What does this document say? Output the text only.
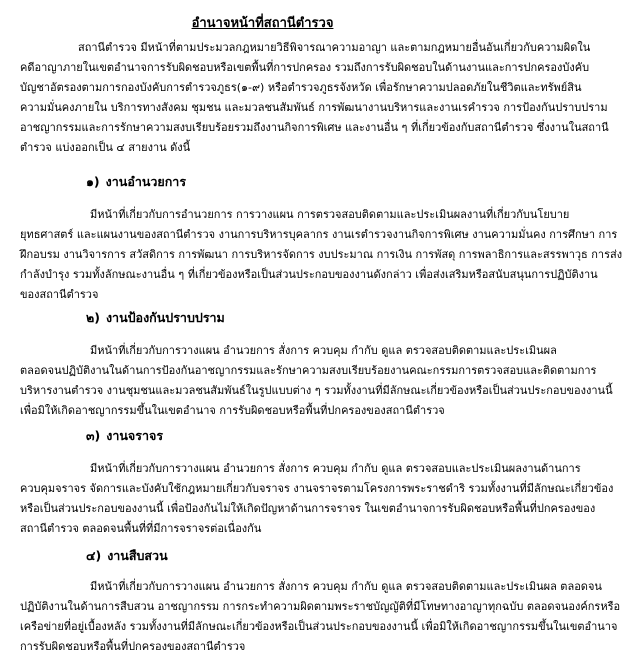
อำนาจหน้าที่สถานีตำรวจ
สถานีตำรวจ มีหน้าที่ตามประมวลกฎหมายวิธีพิจารณาความอาญา และตามกฎหมายอื่นอันเกี่ยวกับความผิดใน
คดีอาญาภายในเขตอำนาจการรับผิดชอบหรือเขตพื้นที่การปกครอง รวมถึงการรับผิดชอบในด้านงานและการปกครองบังคับ
บัญชาอัตรองตามการกองบังคับการตำรวจภูธร(๑-๙) หรือตำรวจภูธรจังหวัด เพื่อรักษาความปลอดภัยในชีวิตและทรัพย์สิน
ความมั่นคงภายใน บริการทางสังคม ชุมชน และมวลชนสัมพันธ์ การพัฒนางานบริหารและงานเรคำรวจ การป้องกันปราบปราม
อาชญากรรมและการรักษาความสงบเรียบร้อยรวมถึงงานกิจการพิเศษ และงานอื่น ๆ ที่เกี่ยวข้องกับสถานีตำรวจ ซึ่งงานในสถานี
ตำรวจ แบ่งออกเป็น ๔ สายงาน ดังนี้
๑) งานอำนวยการ
มีหน้าที่เกี่ยวกับการอำนวยการ การวางแผน การตรวจสอบติดตามและประเมินผลงานที่เกี่ยวกับนโยบาย
ยุทธศาสตร์ และแผนงานของสถานีตำรวจ งานการบริหารบุคลากร งานเรตำรวจงานกิจการพิเศษ งานความมั่นคง การศึกษา การ
ฝึกอบรม งานวิจารการ สวัสดิการ การพัฒนา การบริหารจัดการ งบประมาณ การเงิน การพัสดุ การพลาธิการและสรรพาวุธ การส่ง
กำลังบำรุง รวมทั้งลักษณะงานอื่น ๆ ที่เกี่ยวข้องหรือเป็นส่วนประกอบของงานดังกล่าว เพื่อส่งเสริมหรือสนับสนุนการปฏิบัติงาน
ของสถานีตำรวจ
๒) งานป้องกันปราบปราม
มีหน้าที่เกี่ยวกับการวางแผน อำนวยการ สั่งการ ควบคุม กำกับ ดูแล ตรวจสอบติดตามและประเมินผล
ตลอดจนปฏิบัติงานในด้านการป้องกันอาชญากรรมและรักษาความสงบเรียบร้อยงานคณะกรรมการตรวจสอบและติดตามการ
บริหารงานตำรวจ งานชุมชนและมวลชนสัมพันธ์ในรูปแบบต่าง ๆ รวมทั้งงานที่มีลักษณะเกี่ยวข้องหรือเป็นส่วนประกอบของงานนี้
เพื่อมิให้เกิดอาชญากรรมขึ้นในเขตอำนาจ การรับผิดชอบหรือพื้นที่ปกครองของสถานีตำรวจ
๓) งานจราจร
มีหน้าที่เกี่ยวกับการวางแผน อำนวยการ สั่งการ ควบคุม กำกับ ดูแล ตรวจสอบและประเมินผลงานด้านการ
ควบคุมจราจร จัดการและบังคับใช้กฎหมายเกี่ยวกับจราจร งานจราจรตามโครงการพระราชดำริ รวมทั้งงานที่มีลักษณะเกี่ยวข้อง
หรือเป็นส่วนประกอบของงานนี้ เพื่อป้องกันไม่ให้เกิดปัญหาด้านการจราจร ในเขตอำนาจการรับผิดชอบหรือพื้นที่ปกครองของ
สถานีตำรวจ ตลอดจนพื้นที่ที่มีการจราจรต่อเนื่องกัน
๔) งานสืบสวน
มีหน้าที่เกี่ยวกับการวางแผน อำนวยการ สั่งการ ควบคุม กำกับ ดูแล ตรวจสอบติดตามและประเมินผล ตลอดจน
ปฏิบัติงานในด้านการสืบสวน อาชญากรรม การกระทำความผิดตามพระราชบัญญัติที่มีโทษทางอาญาทุกฉบับ ตลอดจนองค์กรหรือ
เครือข่ายที่อยู่เบื้องหลัง รวมทั้งงานที่มีลักษณะเกี่ยวข้องหรือเป็นส่วนประกอบของงานนี้ เพื่อมิให้เกิดอาชญากรรมขึ้นในเขตอำนาจ
การรับผิดชอบหรือพื้นที่ปกครองของสถานีตำรวจ
